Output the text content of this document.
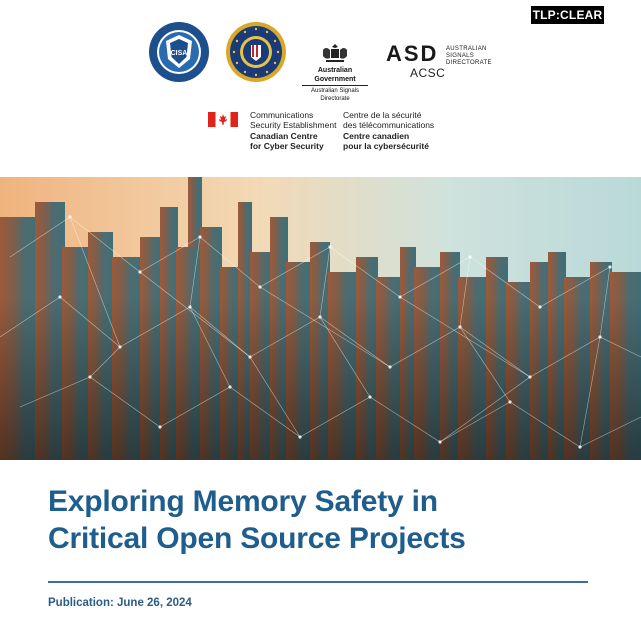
TLP:CLEAR
CISA
Australian Government
Australian Signals Directorate
ASD AUSTRALIAN SIGNALS DIRECTORATE
ACSC
Communications
Security Establishment
Canadian Centre
for Cyber Security
Centre de la sécurité
des télécommunications
Centre canadien
pour la cybersécurité
Exploring Memory Safety in
Critical Open Source Projects
Publication: June 26, 2024
